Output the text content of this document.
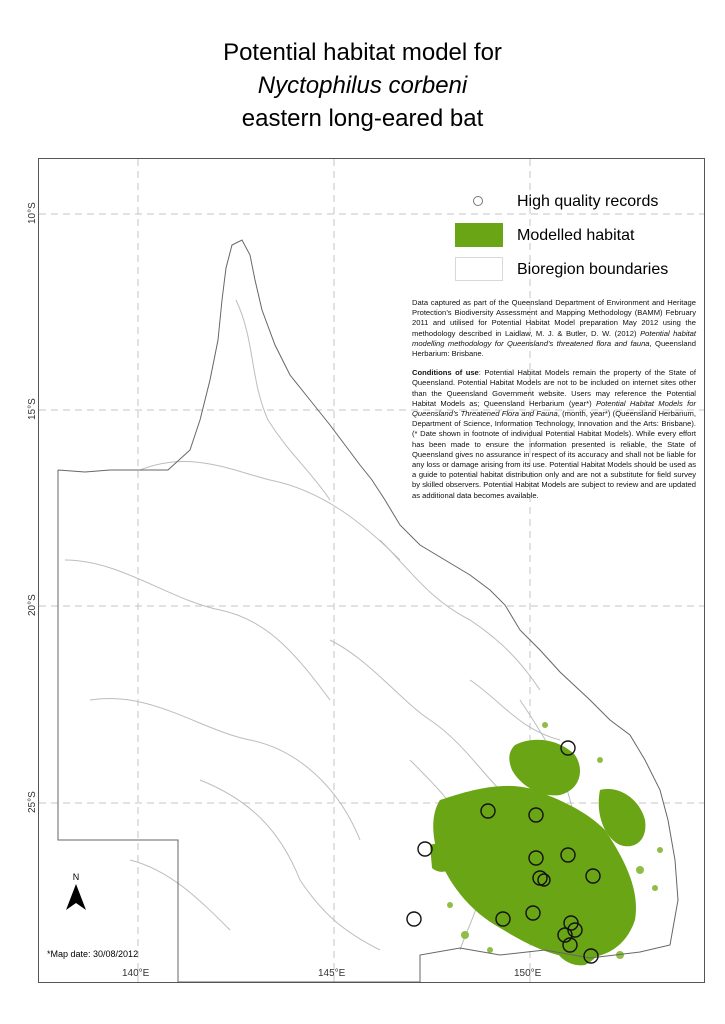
Potential habitat model for
Nyctophilus corbeni
eastern long-eared bat
10°S
15°S
20°S
25°S
140°E	145°E	150°E
High quality records
Modelled habitat
Bioregion boundaries

Data captured as part of the Queensland Department of Environment and Heritage Protection’s Biodiversity Assessment and Mapping Methodology (BAMM) February 2011 and utilised for Potential Habitat Model preparation May 2012 using the methodology described in Laidlaw, M. J. & Butler, D. W. (2012) Potential habitat modelling methodology for Queensland’s threatened flora and fauna, Queensland Herbarium: Brisbane.

Conditions of use: Potential Habitat Models remain the property of the State of Queensland. Potential Habitat Models are not to be included on internet sites other than the Queensland Government website. Users may reference the Potential Habitat Models as; Queensland Herbarium (year*) Potential Habitat Models for Queensland’s Threatened Flora and Fauna, (month, year*) (Queensland Herbarium, Department of Science, Information Technology, Innovation and the Arts: Brisbane). (* Date shown in footnote of individual Potential Habitat Models). While every effort has been made to ensure the information presented is reliable, the State of Queensland gives no assurance in respect of its accuracy and shall not be liable for any loss or damage arising from its use. Potential Habitat Models should be used as a guide to potential habitat distribution only and are not a substitute for field survey by skilled observers. Potential Habitat Models are subject to review and are updated as additional data becomes available.

N
*Map date: 30/08/2012
